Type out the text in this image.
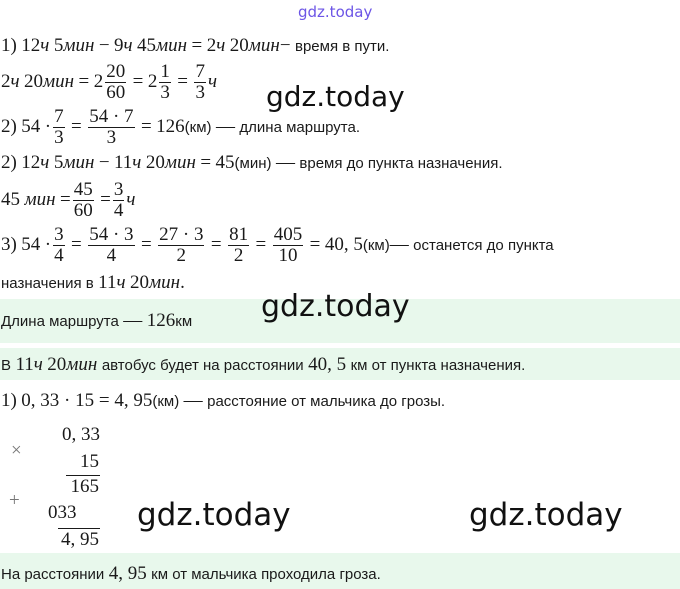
gdz.today
1) 12ч 5мин − 9ч 45мин = 2ч 20мин− время в пути.
2 ч
20 мин
=
$2 \frac{20}{60}$
=
$2 \frac{1}{3}$
=
$\frac{7}{3}$ ч gdz.today
2)
54
· $\frac{7}{3}$
=
$\frac{54 \cdot 7}{3}$
=
126 (км)
—
длина маршрута.
2) 12ч 5мин − 11ч 20мин = 45(мин) — время до пункта назначения.
45
мин
= $\frac{45}{60}$
= $\frac{3}{4}$ ч
3)
54
· $\frac{3}{4}$
=
$\frac{54 \cdot 3}{4}$
=
$\frac{27 \cdot 3}{2}$
=
$\frac{81}{2}$
=
$\frac{405}{10}$
=
40, 5 (км) —
останется до пункта
назначения в 11ч 20мин.
Длина маршрута — 126км gdz.today
В 11ч 20мин автобус будет на расстоянии 40, 5 км от пункта назначения.
1) 0, 33 · 15 = 4, 95(км) — расстояние от мальчика до грозы.
×
+
0, 33
15
165
033
4, 95
gdz.today	gdz.today
На расстоянии 4, 95 км от мальчика проходила гроза.
